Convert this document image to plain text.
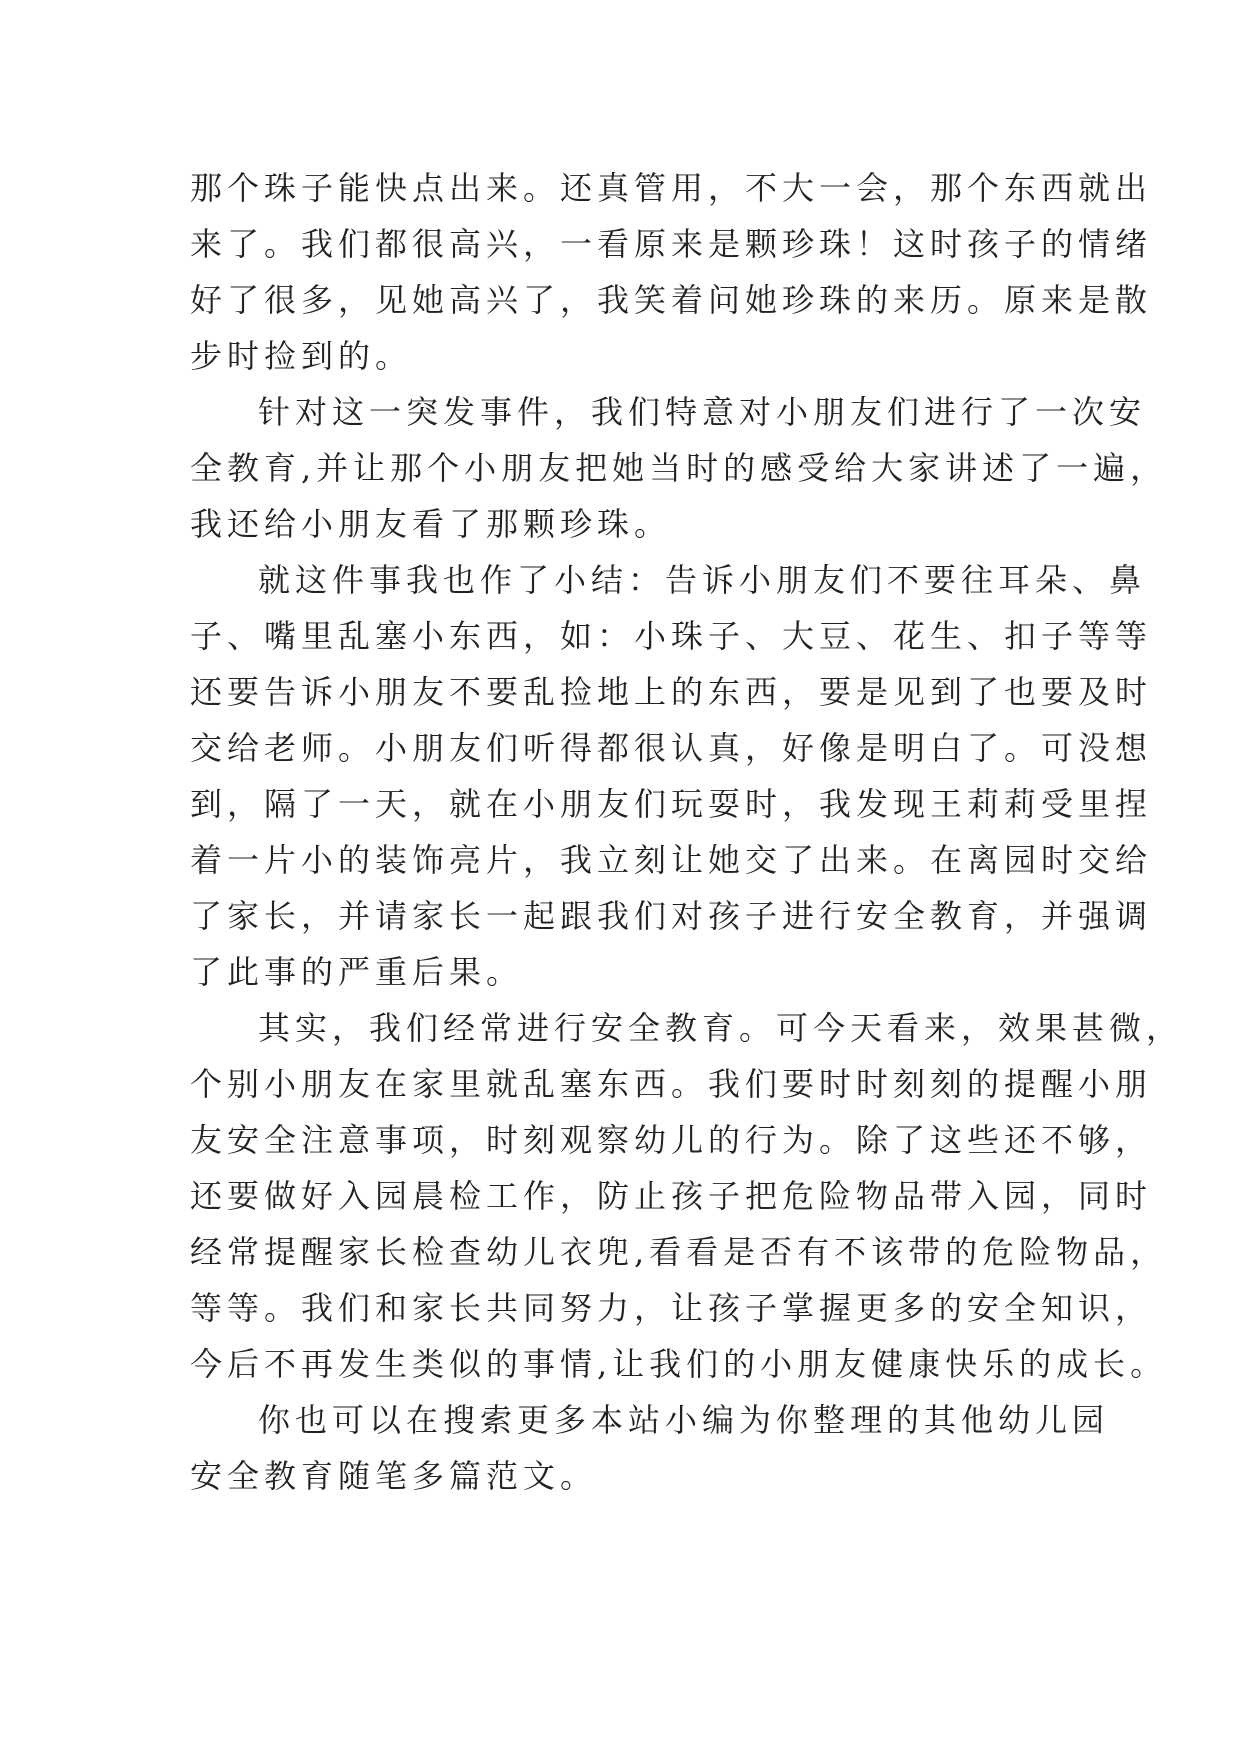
那个珠子能快点出来。还真管用，不大一会，那个东西就出
来了。我们都很高兴，一看原来是颗珍珠！这时孩子的情绪
好了很多，见她高兴了，我笑着问她珍珠的来历。原来是散
步时捡到的。
针对这一突发事件，我们特意对小朋友们进行了一次安
全教育,并让那个小朋友把她当时的感受给大家讲述了一遍，
我还给小朋友看了那颗珍珠。
就这件事我也作了小结：告诉小朋友们不要往耳朵、鼻
子、嘴里乱塞小东西，如：小珠子、大豆、花生、扣子等等
还要告诉小朋友不要乱捡地上的东西，要是见到了也要及时
交给老师。小朋友们听得都很认真，好像是明白了。可没想
到，隔了一天，就在小朋友们玩耍时，我发现王莉莉受里捏
着一片小的装饰亮片，我立刻让她交了出来。在离园时交给
了家长，并请家长一起跟我们对孩子进行安全教育，并强调
了此事的严重后果。
其实，我们经常进行安全教育。可今天看来，效果甚微，
个别小朋友在家里就乱塞东西。我们要时时刻刻的提醒小朋
友安全注意事项，时刻观察幼儿的行为。除了这些还不够，
还要做好入园晨检工作，防止孩子把危险物品带入园，同时
经常提醒家长检查幼儿衣兜,看看是否有不该带的危险物品，
等等。我们和家长共同努力，让孩子掌握更多的安全知识，
今后不再发生类似的事情,让我们的小朋友健康快乐的成长。
你也可以在搜索更多本站小编为你整理的其他幼儿园
安全教育随笔多篇范文。
